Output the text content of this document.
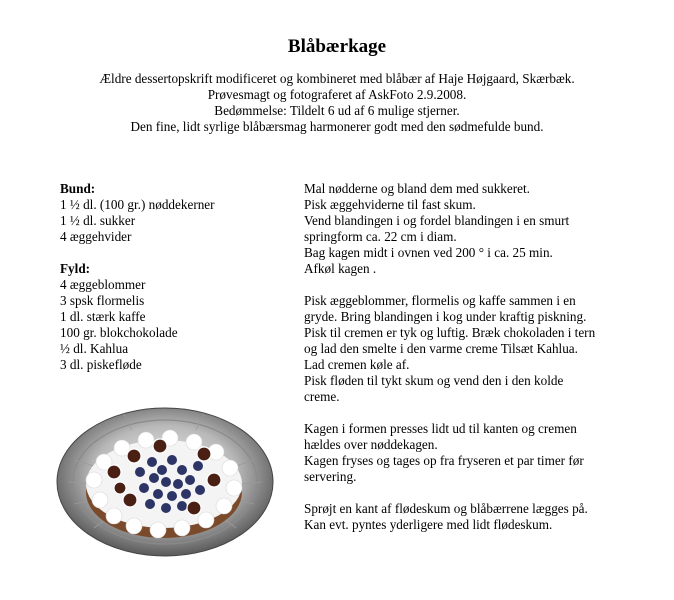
Blåbærkage
Ældre dessertopskrift modificeret og kombineret med blåbær af Haje Højgaard, Skærbæk.
Prøvesmagt og fotograferet af AskFoto 2.9.2008.
Bedømmelse: Tildelt 6 ud af 6 mulige stjerner.
Den fine, lidt syrlige blåbærsmag harmonerer godt med den sødmefulde bund.
Bund:
1 ½ dl. (100 gr.) nøddekerner
1 ½ dl. sukker
4 æggehvider
Fyld:
4 æggeblommer
3 spsk flormelis
1 dl. stærk kaffe
100 gr. blokchokolade
½ dl. Kahlua
3 dl. piskefløde
Mal nødderne og bland dem med sukkeret.
Pisk æggehviderne til fast skum.
Vend blandingen i og fordel blandingen i en smurt
springform ca. 22 cm i diam.
Bag kagen midt i ovnen ved 200 ° i ca. 25 min.
Afkøl kagen .
Pisk æggeblommer, flormelis og kaffe sammen i en
gryde. Bring blandingen i kog under kraftig piskning.
Pisk til cremen er tyk og luftig. Bræk chokoladen i tern
og lad den smelte i den varme creme Tilsæt Kahlua.
Lad cremen køle af.
Pisk fløden til tykt skum og vend den i den kolde
creme.
Kagen i formen presses lidt ud til kanten og cremen
hældes over nøddekagen.
Kagen fryses og tages op fra fryseren et par timer før
servering.
Sprøjt en kant af flødeskum og blåbærrene lægges på.
Kan evt. pyntes yderligere med lidt flødeskum.
